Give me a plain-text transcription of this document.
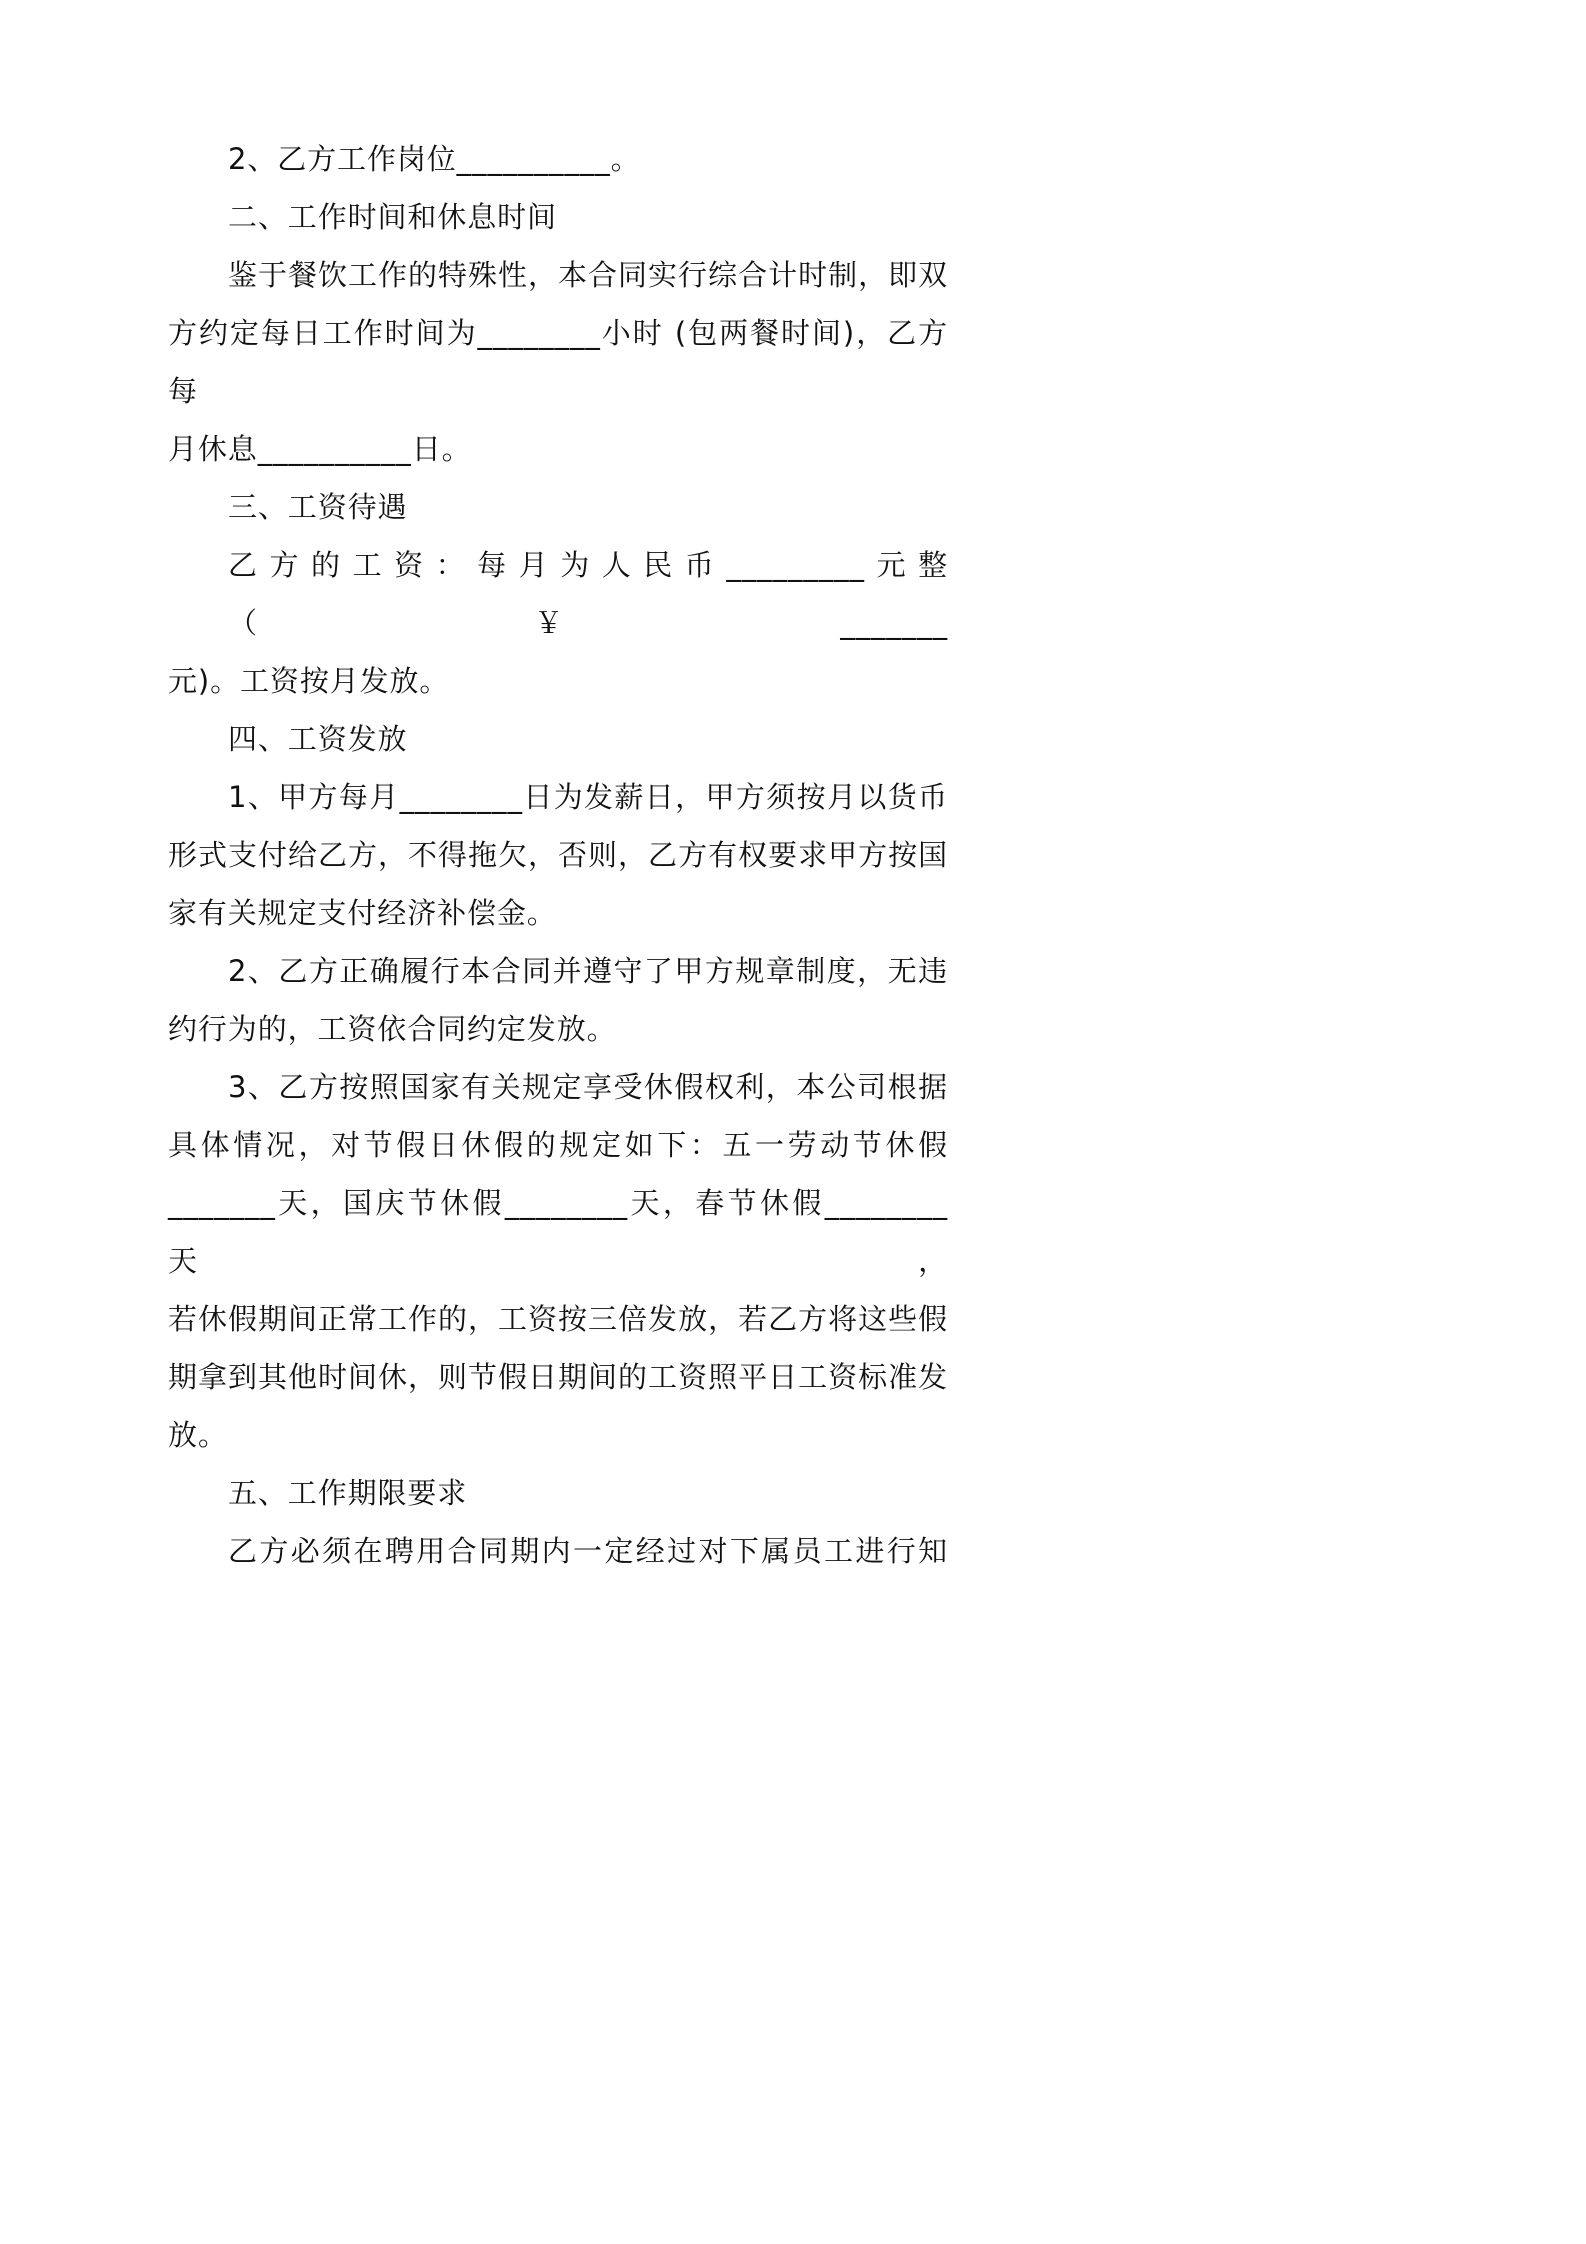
2、乙方工作岗位__________。
二、工作时间和休息时间
鉴于餐饮工作的特殊性，本合同实行综合计时制，即双
方约定每日工作时间为________小时 (包两餐时间)，乙方每
月休息__________日。
三、工资待遇
乙方的工资：每月为人民币_________元整（￥_______
元)。工资按月发放。
四、工资发放
1、甲方每月________日为发薪日，甲方须按月以货币
形式支付给乙方，不得拖欠，否则，乙方有权要求甲方按国
家有关规定支付经济补偿金。
2、乙方正确履行本合同并遵守了甲方规章制度，无违
约行为的，工资依合同约定发放。
3、乙方按照国家有关规定享受休假权利，本公司根据
具体情况，对节假日休假的规定如下：五一劳动节休假
_______天，国庆节休假________天，春节休假________天，
若休假期间正常工作的，工资按三倍发放，若乙方将这些假
期拿到其他时间休，则节假日期间的工资照平日工资标准发
放。
五、工作期限要求
乙方必须在聘用合同期内一定经过对下属员工进行知
